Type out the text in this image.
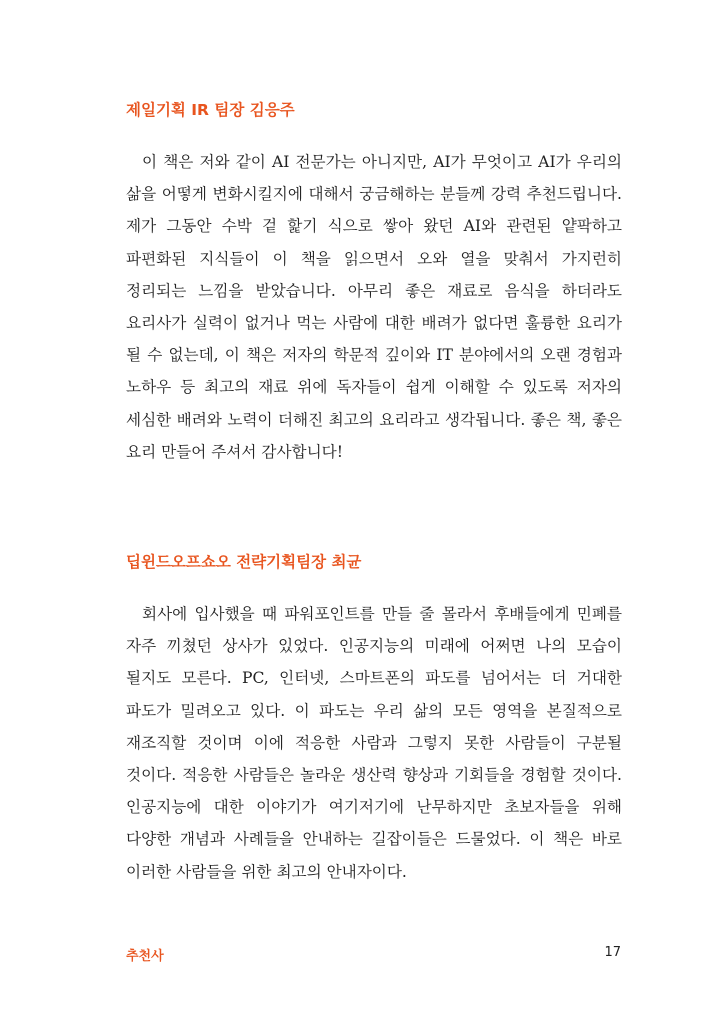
제일기획 IR 팀장 김응주

이 책은 저와 같이 AI 전문가는 아니지만, AI가 무엇이고 AI가 우리의 삶을 어떻게 변화시킬지에 대해서 궁금해하는 분들께 강력 추천드립니다. 제가 그동안 수박 겉 핥기 식으로 쌓아 왔던 AI와 관련된 얕팍하고 파편화된 지식들이 이 책을 읽으면서 오와 열을 맞춰서 가지런히 정리되는 느낌을 받았습니다. 아무리 좋은 재료로 음식을 하더라도 요리사가 실력이 없거나 먹는 사람에 대한 배려가 없다면 훌륭한 요리가 될 수 없는데, 이 책은 저자의 학문적 깊이와 IT 분야에서의 오랜 경험과 노하우 등 최고의 재료 위에 독자들이 쉽게 이해할 수 있도록 저자의 세심한 배려와 노력이 더해진 최고의 요리라고 생각됩니다. 좋은 책, 좋은 요리 만들어 주셔서 감사합니다!

딥윈드오프쇼오 전략기획팀장 최균

회사에 입사했을 때 파워포인트를 만들 줄 몰라서 후배들에게 민폐를 자주 끼쳤던 상사가 있었다. 인공지능의 미래에 어쩌면 나의 모습이 될지도 모른다. PC, 인터넷, 스마트폰의 파도를 넘어서는 더 거대한 파도가 밀려오고 있다. 이 파도는 우리 삶의 모든 영역을 본질적으로 재조직할 것이며 이에 적응한 사람과 그렇지 못한 사람들이 구분될 것이다. 적응한 사람들은 놀라운 생산력 향상과 기회들을 경험할 것이다. 인공지능에 대한 이야기가 여기저기에 난무하지만 초보자들을 위해 다양한 개념과 사례들을 안내하는 길잡이들은 드물었다. 이 책은 바로 이러한 사람들을 위한 최고의 안내자이다.

추천사	17
